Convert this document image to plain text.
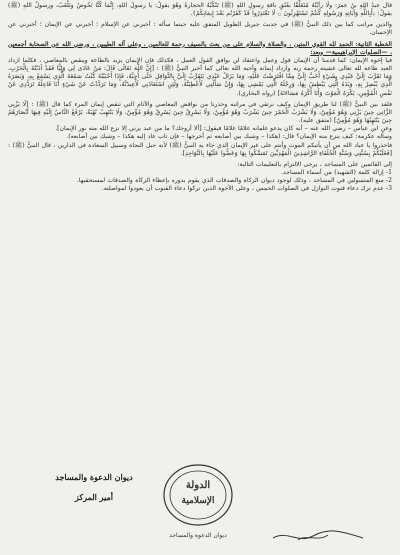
قال عبدُ اللهِ بنُ عمرَ: ولَا رأيْتُهُ مُتَعَلِّقًا بعُنُقِ ناقةِ رسولِ اللهِ (ﷺ) تَنْكُبُهُ الحجارةُ وهُوَ يقولُ: يا رسولَ اللهِ، إِنَّمَا كُنَّا نَخُوضُ ونَلْعَبُ، ورسولُ اللهِ (ﷺ) يقولُ: ﴿أَبِاللَّهِ وَآيَاتِهِ وَرَسُولِهِ كُنتُمْ تَسْتَهْزِئُونَ ۝ لَا تَعْتَذِرُوا قَدْ كَفَرْتُم بَعْدَ إِيمَانِكُمْ﴾.

والدين مراتب كما بين ذلك النبيُّ (ﷺ) في حديث جبريل الطويل المتفق عليه حينما سأله : أخبرني عن الإسلام ؛ أخبرني عن الإيمان ؛ أخبرني عن الإحسان.

الخطبة الثانية: الحمد لله القوي المتين ، والصلاة والسلام على من بعث بالسيف رحمة للعالمين ، وعلى آله الطيبين ، ورضي الله عن الصحابة أجمعين ، —الصلوات الإبراهيمية— وبعد:

فيا إخوة الإيمان: كما قدمنا أن الإيمان قول وعمل واعتقاد لن يوافق القول العمل ، فكذلك فإن الإيمان يزيد بالطاعة وينقص بالمعاصي ، فكلما ازداد العبد طاعة لله تعالى غشيته رحمة ربه وازداد إيمانه وأحبه الله تعالى كما أخبر النبيُّ (ﷺ) : [إِنَّ اللَّهَ تَعَالَى قَالَ: مَنْ عَادَى لِي وَلِيًّا فَقَدْ آذَنْتُهُ بِالْحَرْبِ، وَمَا تَقَرَّبَ إِلَيَّ عَبْدِي بِشَيْءٍ أَحَبَّ إِلَيَّ مِمَّا افْتَرَضْتُ عَلَيْهِ، وَمَا يَزَالُ عَبْدِي يَتَقَرَّبُ إِلَيَّ بِالنَّوَافِلِ حَتَّى أُحِبَّهُ، فَإِذَا أَحْبَبْتُهُ كُنْتُ سَمْعَهُ الَّذِي يَسْمَعُ بِهِ، وَبَصَرَهُ الَّذِي يُبْصِرُ بِهِ، وَيَدَهُ الَّتِي يَبْطِشُ بِهَا، وَرِجْلَهُ الَّتِي يَمْشِي بِهَا، وَإِنْ سَأَلَنِي لَأُعْطِيَنَّهُ، وَلَئِنِ اسْتَعَاذَنِي لَأُعِيذَنَّهُ، وَمَا تَرَدَّدْتُ عَنْ شَيْءٍ أَنَا فَاعِلُهُ تَرَدُّدِي عَنْ نَفْسِ الْمُؤْمِنِ، يَكْرَهُ الْمَوْتَ وَأَنَا أَكْرَهُ مَسَاءَتَهُ] (رواه البخاري).

فلقد بين النبيُّ (ﷺ) لنا طريق الإيمان وكيف نرتقي في مراتبه وحذرنا من نواقض المعاصي والآثام التي تنقص إيمان المرء كما قال (ﷺ) : [لَا يَزْنِي الزَّانِي حِينَ يَزْنِي وَهُوَ مُؤْمِنٌ، وَلَا يَشْرَبُ الْخَمْرَ حِينَ يَشْرَبُ وَهُوَ مُؤْمِنٌ، وَلَا يَسْرِقُ حِينَ يَسْرِقُ وَهُوَ مُؤْمِنٌ، وَلَا يَنْتَهِبُ نُهْبَةً، يَرْفَعُ النَّاسُ إِلَيْهِ فِيهَا أَبْصَارَهُمْ حِينَ يَنْتَهِبُهَا وَهُوَ مُؤْمِنٌ] (متفق عليه).

وعن ابن عباس – رضي الله عنه – أنه كان يدعو غلمانه غلامًا غلامًا فيقول: [ألا أزوجك؟ ما من عبد يزني إلا نزع الله منه نور الإيمان].

وسأله عكرمة: كيف ينزع منه الإيمان؟ قال: (هكذا – وشبك بين أصابعه ثم أخرجها – فإن تاب عاد إليه هكذا – وشبك بين أصابعه).

فاحذروا يا عباد الله من أن يأتيكم الموت وأنتم على غير الإيمان الذي جاء به النبيُّ (ﷺ) لأنه حبل النجاة وسبيل السعادة في الدارين ، قال النبيُّ (ﷺ) : [فَعَلَيْكُمْ بِسُنَّتِي وَسُنَّةِ الْخُلَفَاءِ الرَّاشِدِينَ الْمَهْدِيِّينَ تَمَسَّكُوا بِهَا وَعَضُّوا عَلَيْهَا بِالنَّوَاجِذِ].

إلى القائمين على المساجد ، يرجى الالتزام بالتعليمات التالية:

1- إزالة كلمة (الشهيد) من أسماء المساجد.

2- منع المتسولين في المساجد ، وذلك لوجود ديوان الزكاة والصدقات الذي يقوم بدوره بإعطاء الزكاة والصدقات لمستحقيها.

3- عدم ترك دعاء قنوت النوازل في الصلوات الخمس ، وعلى الأخوة الذين تركوا دعاء القنوت أن يعودوا لمواصلته.

ديوان الدعوة والمساجد
أمير المركز
الدولة
الإسلامية
ديوان الدعوة والمساجد
